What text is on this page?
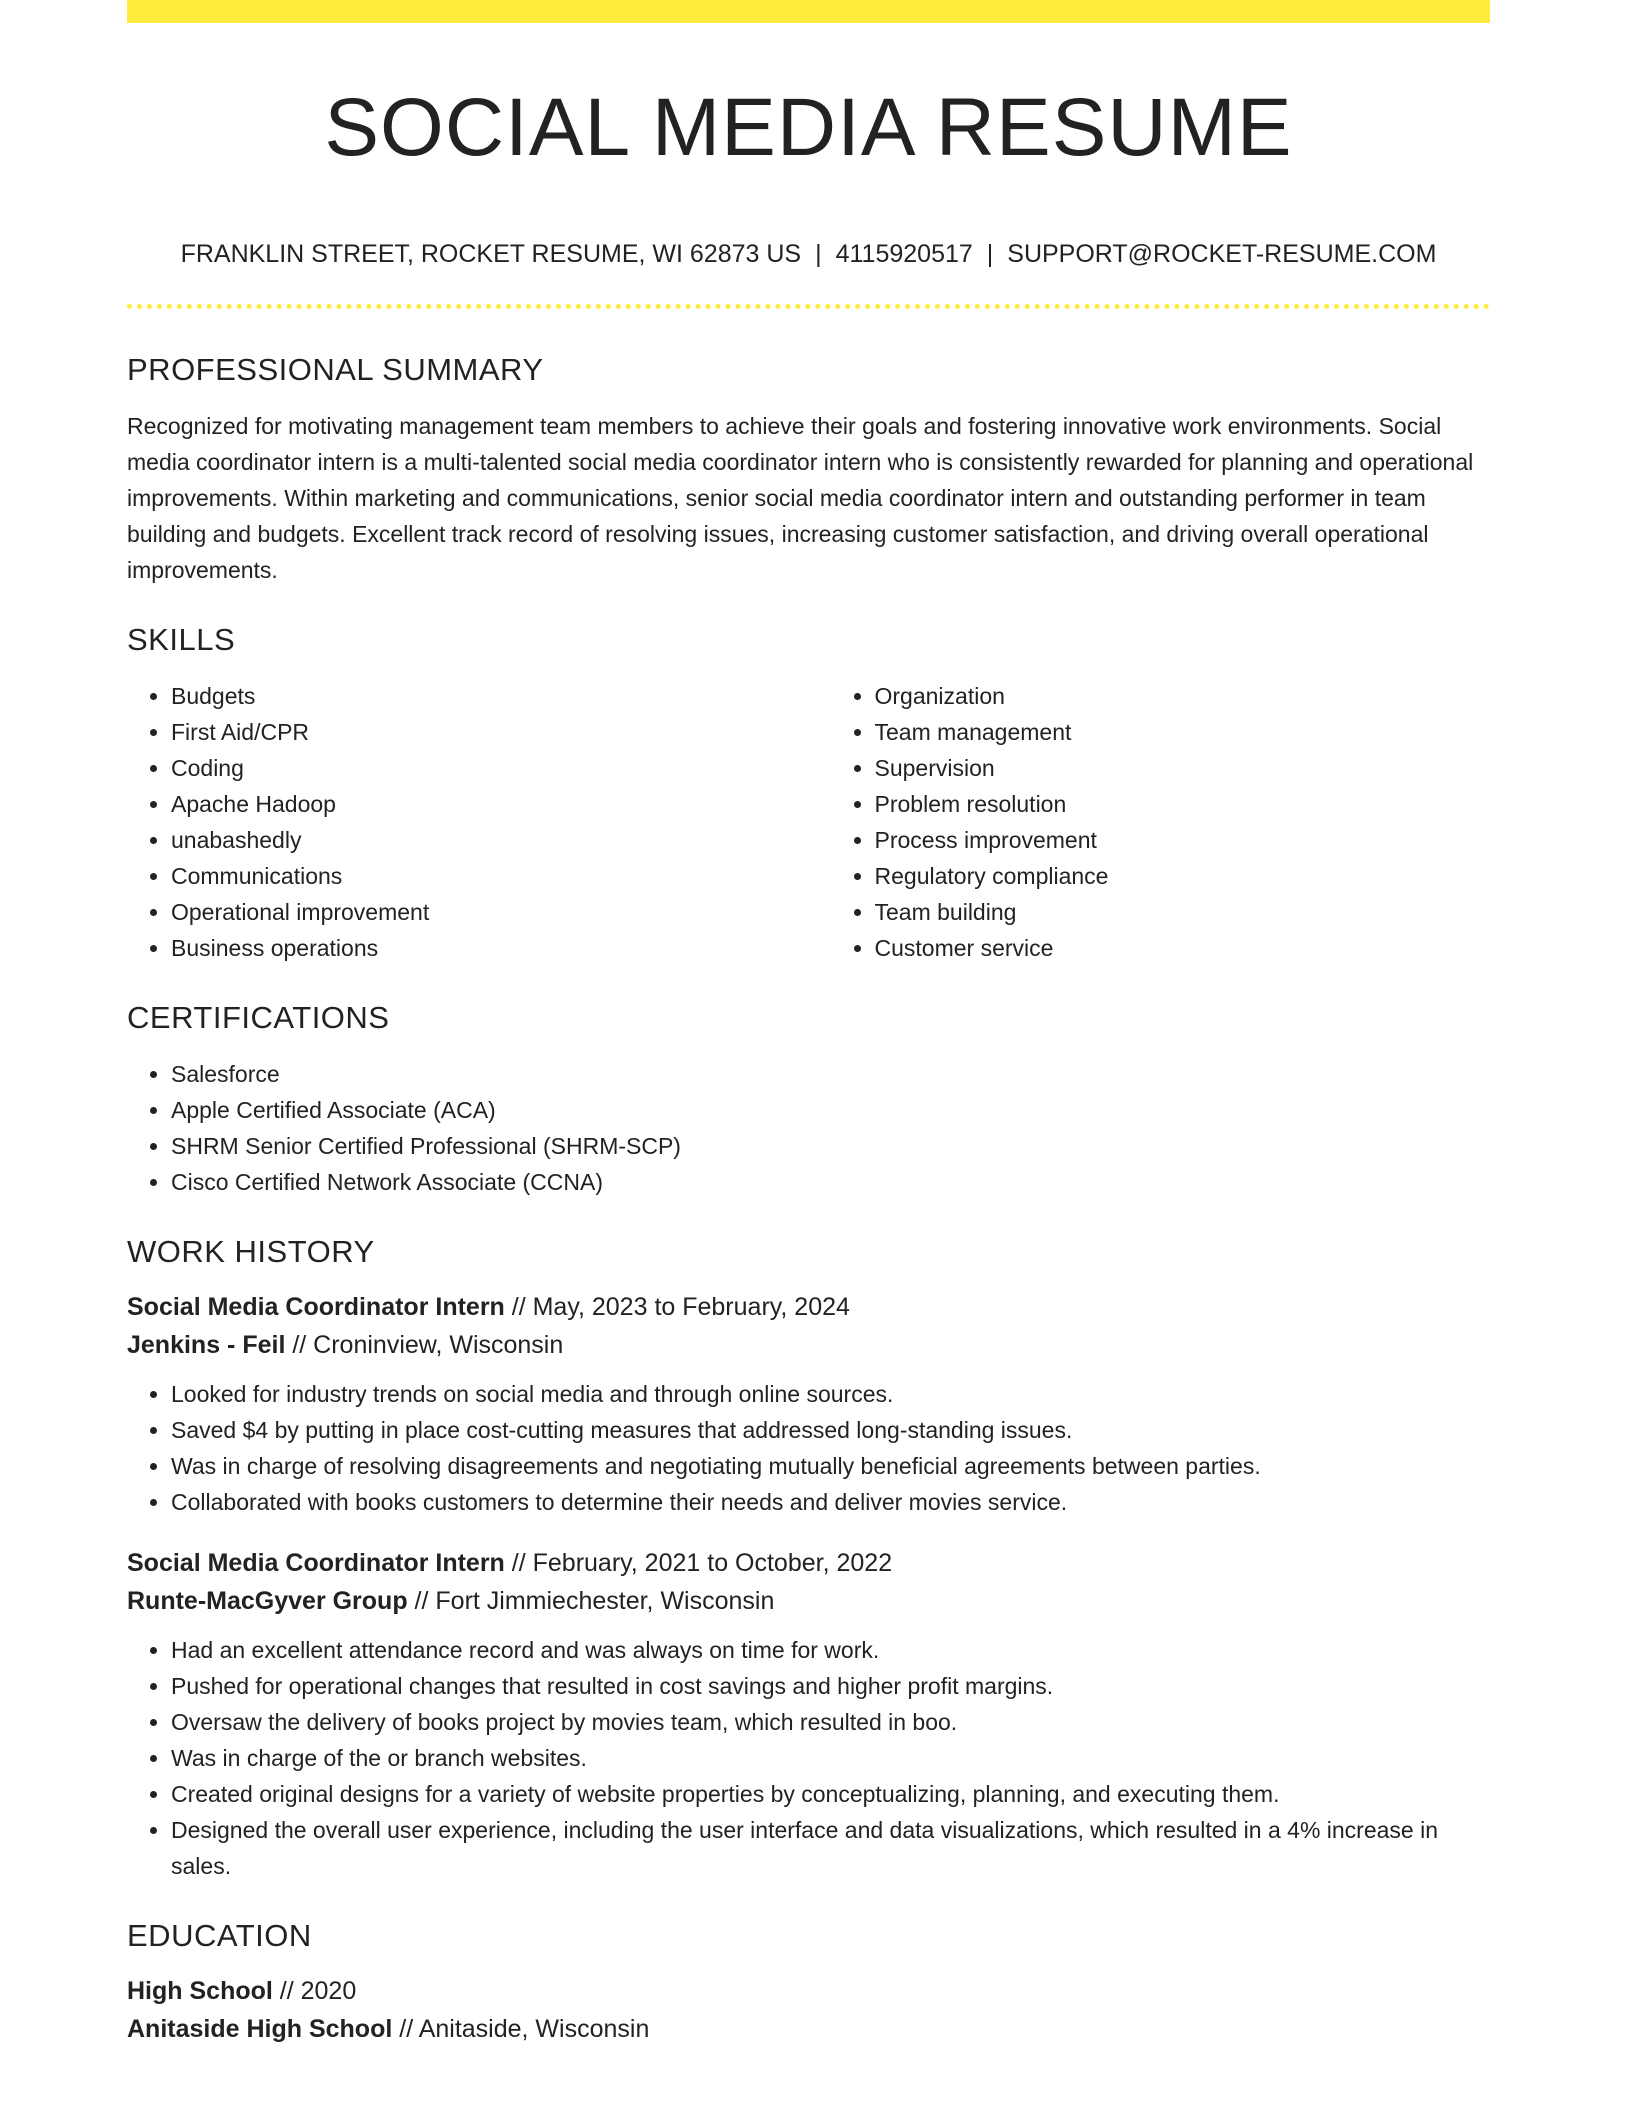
SOCIAL MEDIA RESUME
FRANKLIN STREET, ROCKET RESUME, WI 62873 US | 4115920517 | SUPPORT@ROCKET-RESUME.COM
PROFESSIONAL SUMMARY

Recognized for motivating management team members to achieve their goals and fostering innovative work environments. Social media coordinator intern is a multi-talented social media coordinator intern who is consistently rewarded for planning and operational improvements. Within marketing and communications, senior social media coordinator intern and outstanding performer in team building and budgets. Excellent track record of resolving issues, increasing customer satisfaction, and driving overall operational improvements.

SKILLS
• Budgets
• First Aid/CPR
• Coding
• Apache Hadoop
• unabashedly
• Communications
• Operational improvement
• Business operations
• Organization
• Team management
• Supervision
• Problem resolution
• Process improvement
• Regulatory compliance
• Team building
• Customer service
CERTIFICATIONS
• Salesforce
• Apple Certified Associate (ACA)
• SHRM Senior Certified Professional (SHRM-SCP)
• Cisco Certified Network Associate (CCNA)
WORK HISTORY
Social Media Coordinator Intern // May, 2023 to February, 2024
Jenkins - Feil // Croninview, Wisconsin
• Looked for industry trends on social media and through online sources.
• Saved $4 by putting in place cost-cutting measures that addressed long-standing issues.
• Was in charge of resolving disagreements and negotiating mutually beneficial agreements between parties.
• Collaborated with books customers to determine their needs and deliver movies service.
Social Media Coordinator Intern // February, 2021 to October, 2022
Runte-MacGyver Group // Fort Jimmiechester, Wisconsin
• Had an excellent attendance record and was always on time for work.
• Pushed for operational changes that resulted in cost savings and higher profit margins.
• Oversaw the delivery of books project by movies team, which resulted in boo.
• Was in charge of the or branch websites.
• Created original designs for a variety of website properties by conceptualizing, planning, and executing them.
• Designed the overall user experience, including the user interface and data visualizations, which resulted in a 4% increase in sales.
EDUCATION
High School // 2020
Anitaside High School // Anitaside, Wisconsin
